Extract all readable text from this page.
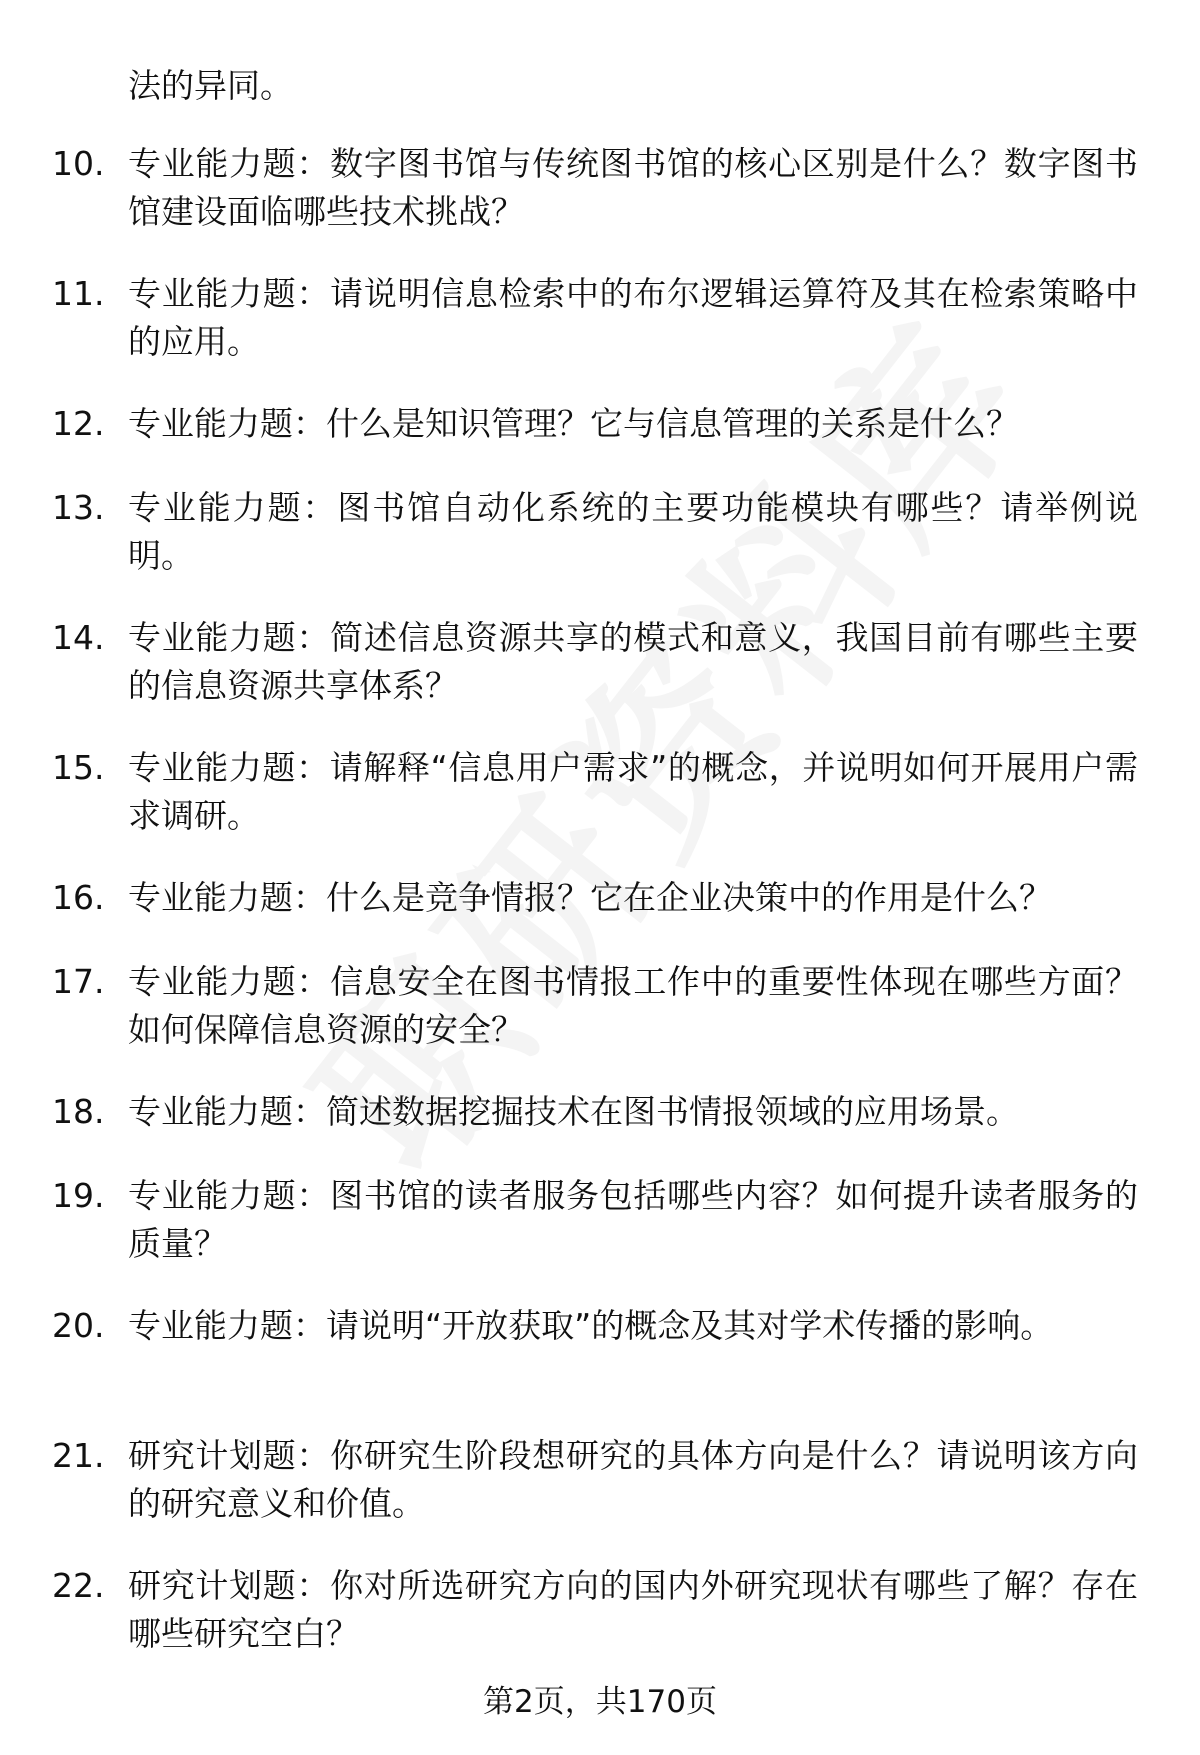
法的异同。
10. 专业能力题：数字图书馆与传统图书馆的核心区别是什么？数字图书馆建设面临哪些技术挑战？
11. 专业能力题：请说明信息检索中的布尔逻辑运算符及其在检索策略中的应用。
12. 专业能力题：什么是知识管理？它与信息管理的关系是什么？
13. 专业能力题：图书馆自动化系统的主要功能模块有哪些？请举例说明。
14. 专业能力题：简述信息资源共享的模式和意义，我国目前有哪些主要的信息资源共享体系？
15. 专业能力题：请解释“信息用户需求”的概念，并说明如何开展用户需求调研。
16. 专业能力题：什么是竞争情报？它在企业决策中的作用是什么？
17. 专业能力题：信息安全在图书情报工作中的重要性体现在哪些方面？如何保障信息资源的安全？
18. 专业能力题：简述数据挖掘技术在图书情报领域的应用场景。
19. 专业能力题：图书馆的读者服务包括哪些内容？如何提升读者服务的质量？
20. 专业能力题：请说明“开放获取”的概念及其对学术传播的影响。
21. 研究计划题：你研究生阶段想研究的具体方向是什么？请说明该方向的研究意义和价值。
22. 研究计划题：你对所选研究方向的国内外研究现状有哪些了解？存在哪些研究空白？
第2页，共170页
